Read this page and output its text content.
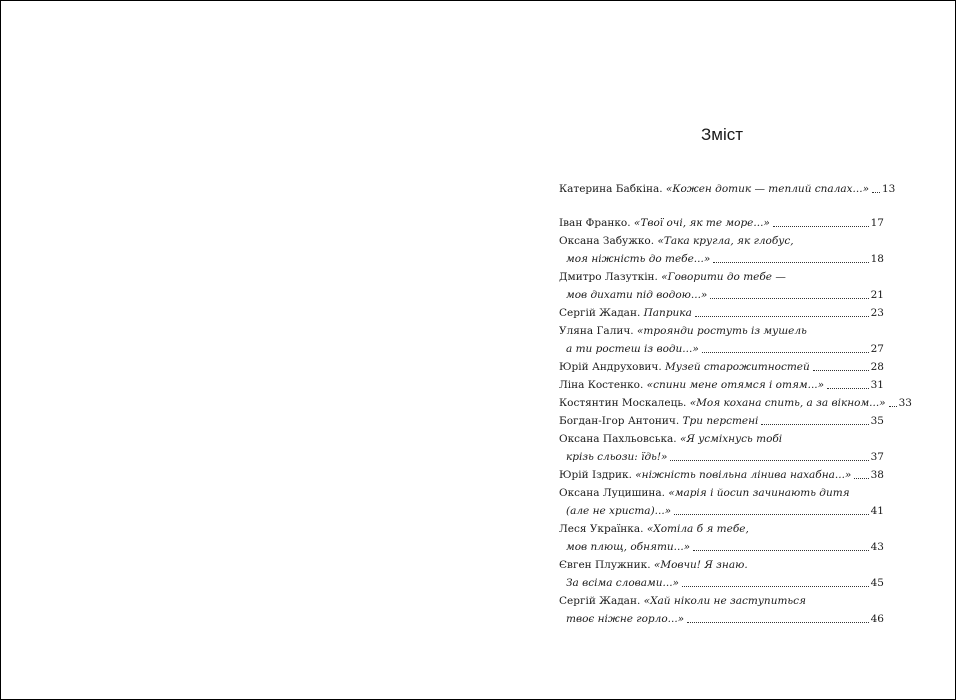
Зміст
Катерина Бабкіна.
«Кожен дотик — теплий спалах...» 13
Іван Франко.
«Твої очі, як те море...»	17
Оксана Забужко.
«Така кругла, як глобус,
моя ніжність до тебе...»	18
Дмитро Лазуткін.
«Говорити до тебе —
мов дихати під водою...»	21
Сергій Жадан.
Паприка	23
Уляна Галич.
«троянди ростуть із мушель
а ти ростеш із води...»	27
Юрій Андрухович.
Музей старожитностей	28
Ліна Костенко.
«спини мене отямся і отям...»	31
Костянтин Москалець.
«Моя кохана спить, а за вікном...» 33
Богдан-Ігор Антонич.
Три перстені	35
Оксана Пахльовська.
«Я усміхнусь тобі
крізь сльози: їдь!»	37
Юрій Іздрик.
«ніжність повільна лінива нахабна...» 38
Оксана Луцишина.
«марія і йосип зачинають дитя
(але не христа)...»	41
Леся Українка.
«Хотіла б я тебе,
мов плющ, обняти...»	43
Євген Плужник.
«Мовчи! Я знаю.
За всіма словами...»	45
Сергій Жадан.
«Хай ніколи не заступиться
твоє ніжне горло...»	46
